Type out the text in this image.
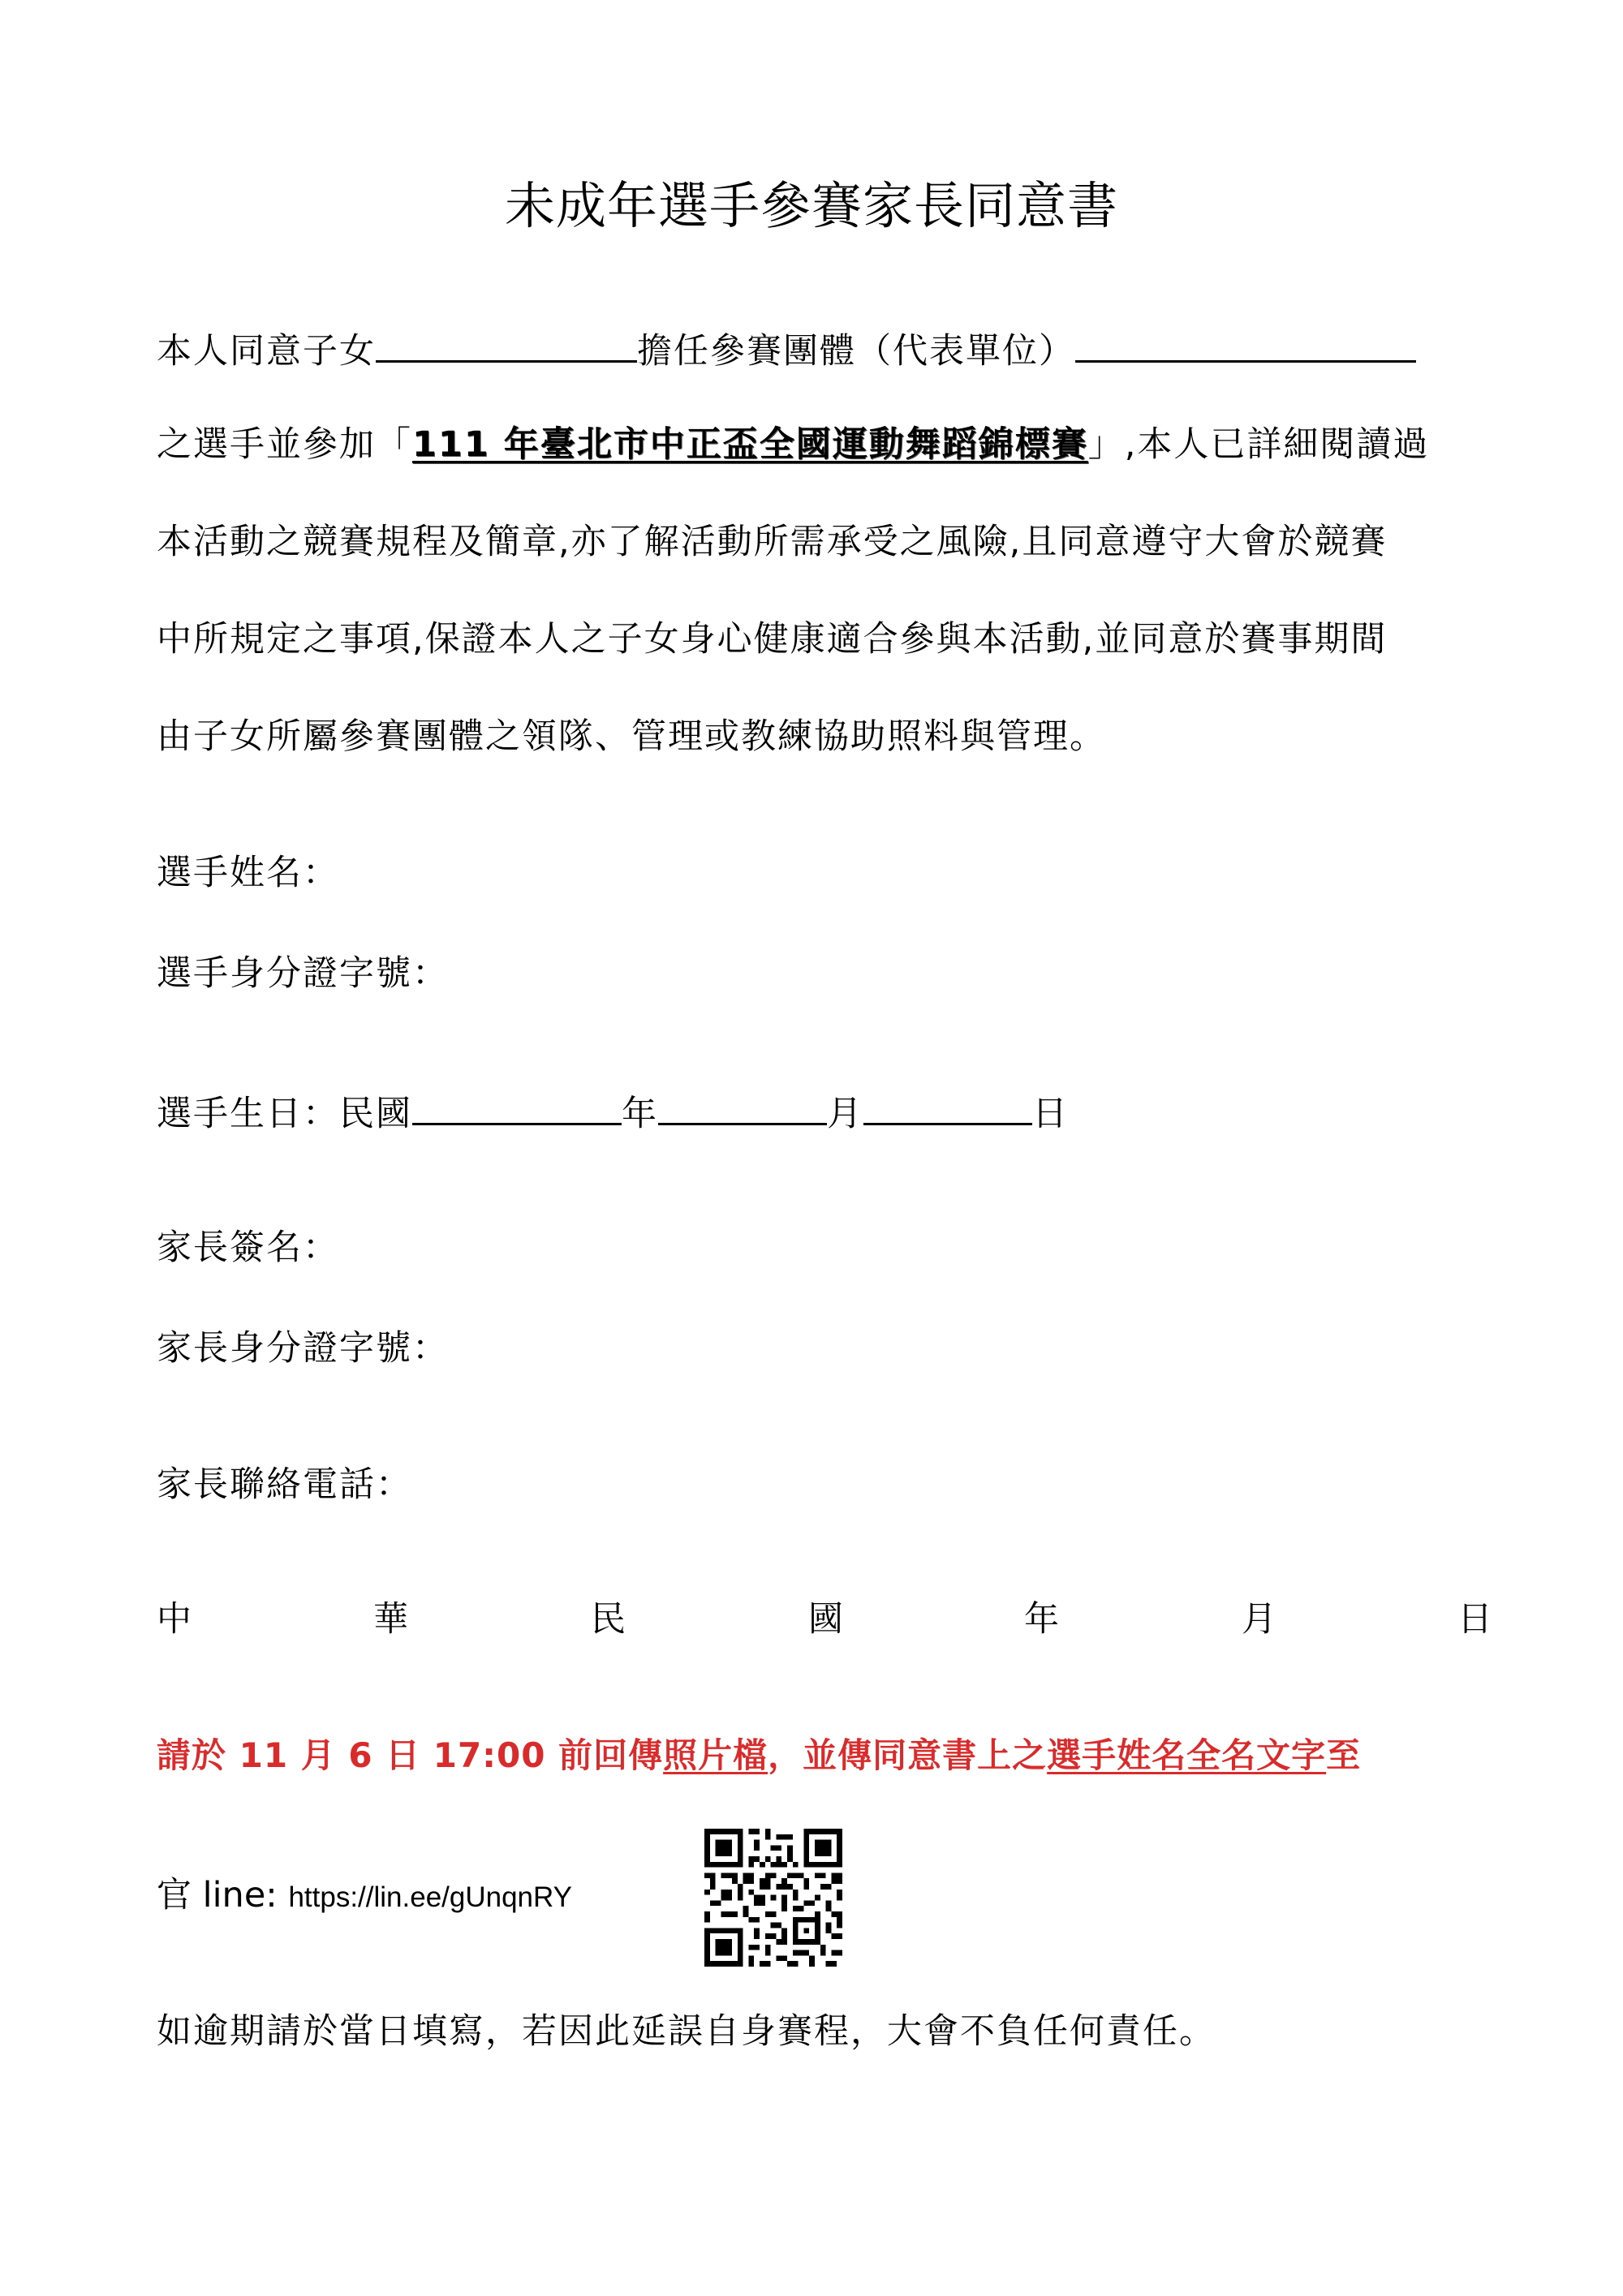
未成年選手參賽家長同意書
本人同意子女	擔任參賽團體（代表單位）
之選手並參加「111 年臺北市中正盃全國運動舞蹈錦標賽」,本人已詳細閱讀過
本活動之競賽規程及簡章,亦了解活動所需承受之風險,且同意遵守大會於競賽
中所規定之事項,保證本人之子女身心健康適合參與本活動,並同意於賽事期間
由子女所屬參賽團體之領隊、管理或教練協助照料與管理。
選手姓名：
選手身分證字號：
選手生日：民國	年	月	日
家長簽名：
家長身分證字號：
家長聯絡電話：
中	華	民	國	年	月	日
請於 11 月 6 日 17:00 前回傳照片檔，並傳同意書上之選手姓名全名文字至
官 line: https://lin.ee/gUnqnRY
如逾期請於當日填寫，若因此延誤自身賽程，大會不負任何責任。
